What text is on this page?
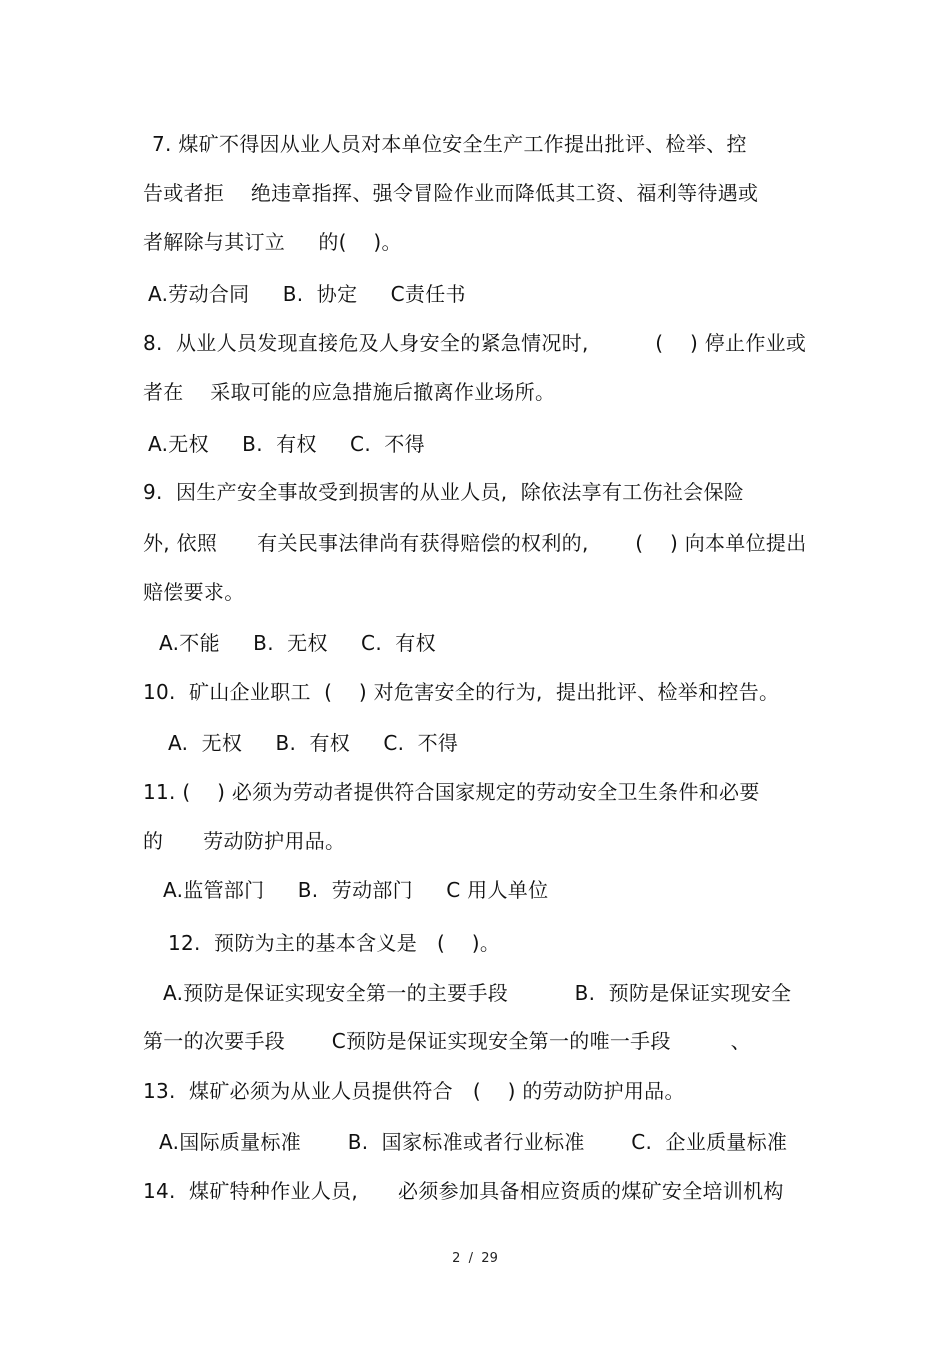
7. 煤矿不得因从业人员对本单位安全生产工作提出批评、检举、控
告或者拒    绝违章指挥、强令冒险作业而降低其工资、福利等待遇或
者解除与其订立     的(    )。
A.劳动合同     B.  协定     C责任书
8.  从业人员发现直接危及人身安全的紧急情况时,          (    ) 停止作业或
者在    采取可能的应急措施后撤离作业场所。
A.无权     B.  有权     C.  不得
9.  因生产安全事故受到损害的从业人员,  除依法享有工伤社会保险
外, 依照      有关民事法律尚有获得赔偿的权利的,       (    ) 向本单位提出
赔偿要求。
A.不能     B.  无权     C.  有权
10.  矿山企业职工  (    ) 对危害安全的行为,  提出批评、检举和控告。
A.  无权     B.  有权     C.  不得
11. (    ) 必须为劳动者提供符合国家规定的劳动安全卫生条件和必要
的      劳动防护用品。
A.监管部门     B.  劳动部门     C 用人单位
12.  预防为主的基本含义是   (    )。
A.预防是保证实现安全第一的主要手段          B.  预防是保证实现安全
第一的次要手段       C预防是保证实现安全第一的唯一手段         、
13.  煤矿必须为从业人员提供符合   (    ) 的劳动防护用品。
A.国际质量标准       B.  国家标准或者行业标准       C.  企业质量标准
14.  煤矿特种作业人员,      必须参加具备相应资质的煤矿安全培训机构
2  /  29
